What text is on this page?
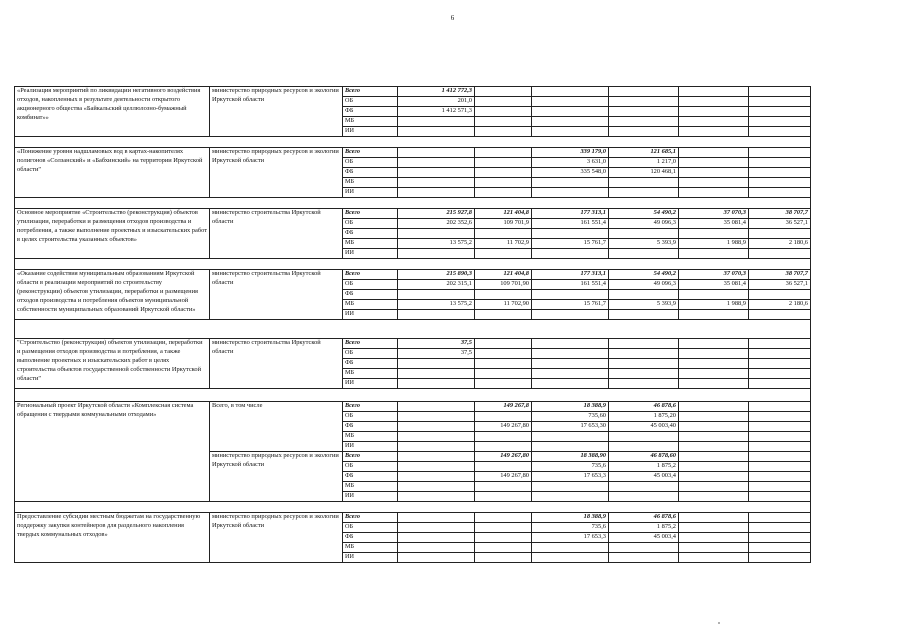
6
«Реализация мероприятий по ликвидации негативного воздействия отходов, накопленных в результате деятельности открытого акционерного общества «Байкальский целлюлозно-бумажный комбинат»»	министерство природных ресурсов и экологии Иркутской области	Всего	1 412 772,3					
		ОБ	201,0					
		ФБ	1 412 571,3					
		МБ						
		ИИ						

«Понижение уровня надшламовых вод в картах-накопителях полигонов «Солзанский» и «Бабхинский» на территории Иркутской области"	министерство природных ресурсов и экологии Иркутской области	Всего			339 179,0	121 685,1		
		ОБ			3 631,0	1 217,0		
		ФБ			335 548,0	120 468,1		
		МБ						
		ИИ						

Основное мероприятие «Строительство (реконструкция) объектов утилизации, переработки и размещения отходов производства и потребления, а также выполнение проектных и изыскательских работ в целях строительства указанных объектов»	министерство строительства Иркутской области	Всего	215 927,8	121 404,8	177 313,1	54 490,2	37 070,3	38 707,7
		ОБ	202 352,6	109 701,9	161 551,4	49 096,3	35 081,4	36 527,1
		ФБ						
		МБ	13 575,2	11 702,9	15 761,7	5 393,9	1 988,9	2 180,6
		ИИ						

«Оказание содействия муниципальным образованиям Иркутской области в реализации мероприятий по строительству (реконструкции) объектов утилизации, переработки и размещения отходов производства и потребления объектов муниципальной собственности муниципальных образований Иркутской области»	министерство строительства Иркутской области	Всего	215 890,3	121 404,8	177 313,1	54 490,2	37 070,3	38 707,7
		ОБ	202 315,1	109 701,90	161 551,4	49 096,3	35 081,4	36 527,1
		ФБ						
		МБ	13 575,2	11 702,90	15 761,7	5 393,9	1 988,9	2 180,6
		ИИ						

"Строительство (реконструкция) объектов утилизации, переработки и размещения отходов производства и потребления, а также выполнение проектных и изыскательских работ в целях строительства объектов государственной собственности Иркутской области"	министерство строительства Иркутской области	Всего	37,5					
		ОБ	37,5					
		ФБ						
		МБ						
		ИИ						

Региональный проект Иркутской области «Комплексная система обращения с твердыми коммунальными отходами»	Всего, в том числе	Всего		149 267,8	18 388,9	46 878,6		
		ОБ			735,60	1 875,20		
		ФБ		149 267,80	17 653,30	45 003,40		
		МБ						
		ИИ						
	министерство природных ресурсов и экологии Иркутской области	Всего		149 267,80	18 388,90	46 878,60		
		ОБ			735,6	1 875,2		
		ФБ		149 267,80	17 653,3	45 003,4		
		МБ						
		ИИ						

Предоставление субсидии местным бюджетам на государственную поддержку закупки контейнеров для раздельного накопления твердых коммунальных отходов»	министерство природных ресурсов и экологии Иркутской области	Всего			18 388,9	46 878,6		
		ОБ			735,6	1 875,2		
		ФБ			17 653,3	45 003,4		
		МБ						
		ИИ						
